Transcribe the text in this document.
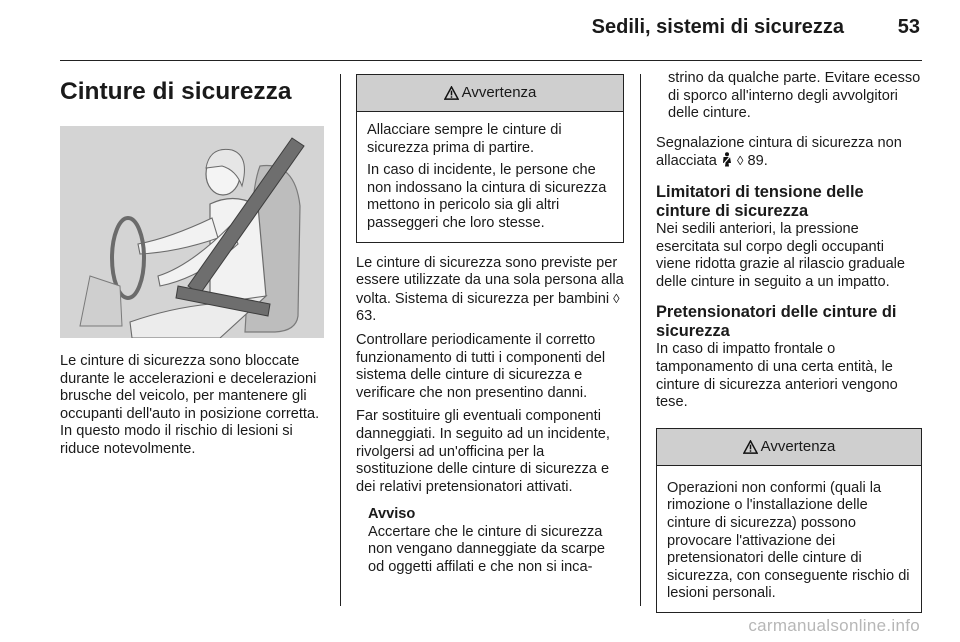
Sedili, sistemi di sicurezza	53
Cinture di sicurezza

Le cinture di sicurezza sono bloccate durante le accelerazioni e decelerazioni brusche del veicolo, per mantenere gli occupanti dell'auto in posizione corretta. In questo modo il rischio di lesioni si riduce notevolmente.

Avvertenza

Allacciare sempre le cinture di sicurezza prima di partire.

In caso di incidente, le persone che non indossano la cintura di sicurezza mettono in pericolo sia gli altri passeggeri che loro stesse.

Le cinture di sicurezza sono previste per essere utilizzate da una sola persona alla volta. Sistema di sicurezza per bambini ◊ 63.

Controllare periodicamente il corretto funzionamento di tutti i componenti del sistema delle cinture di sicurezza e verificare che non presentino danni.

Far sostituire gli eventuali componenti danneggiati. In seguito ad un incidente, rivolgersi ad un'officina per la sostituzione delle cinture di sicurezza e dei relativi pretensionatori attivati.

Avviso

Accertare che le cinture di sicurezza non vengano danneggiate da scarpe od oggetti affilati e che non si inca-

strino da qualche parte. Evitare ecesso di sporco all'interno degli avvolgitori delle cinture.

Segnalazione cintura di sicurezza non allacciata ◊ 89.

Limitatori di tensione delle cinture di sicurezza

Nei sedili anteriori, la pressione esercitata sul corpo degli occupanti viene ridotta grazie al rilascio graduale delle cinture in seguito a un impatto.

Pretensionatori delle cinture di sicurezza

In caso di impatto frontale o tamponamento di una certa entità, le cinture di sicurezza anteriori vengono tese.

Avvertenza

Operazioni non conformi (quali la rimozione o l'installazione delle cinture di sicurezza) possono provocare l'attivazione dei pretensionatori delle cinture di sicurezza, con conseguente rischio di lesioni personali.

carmanualsonline.info
